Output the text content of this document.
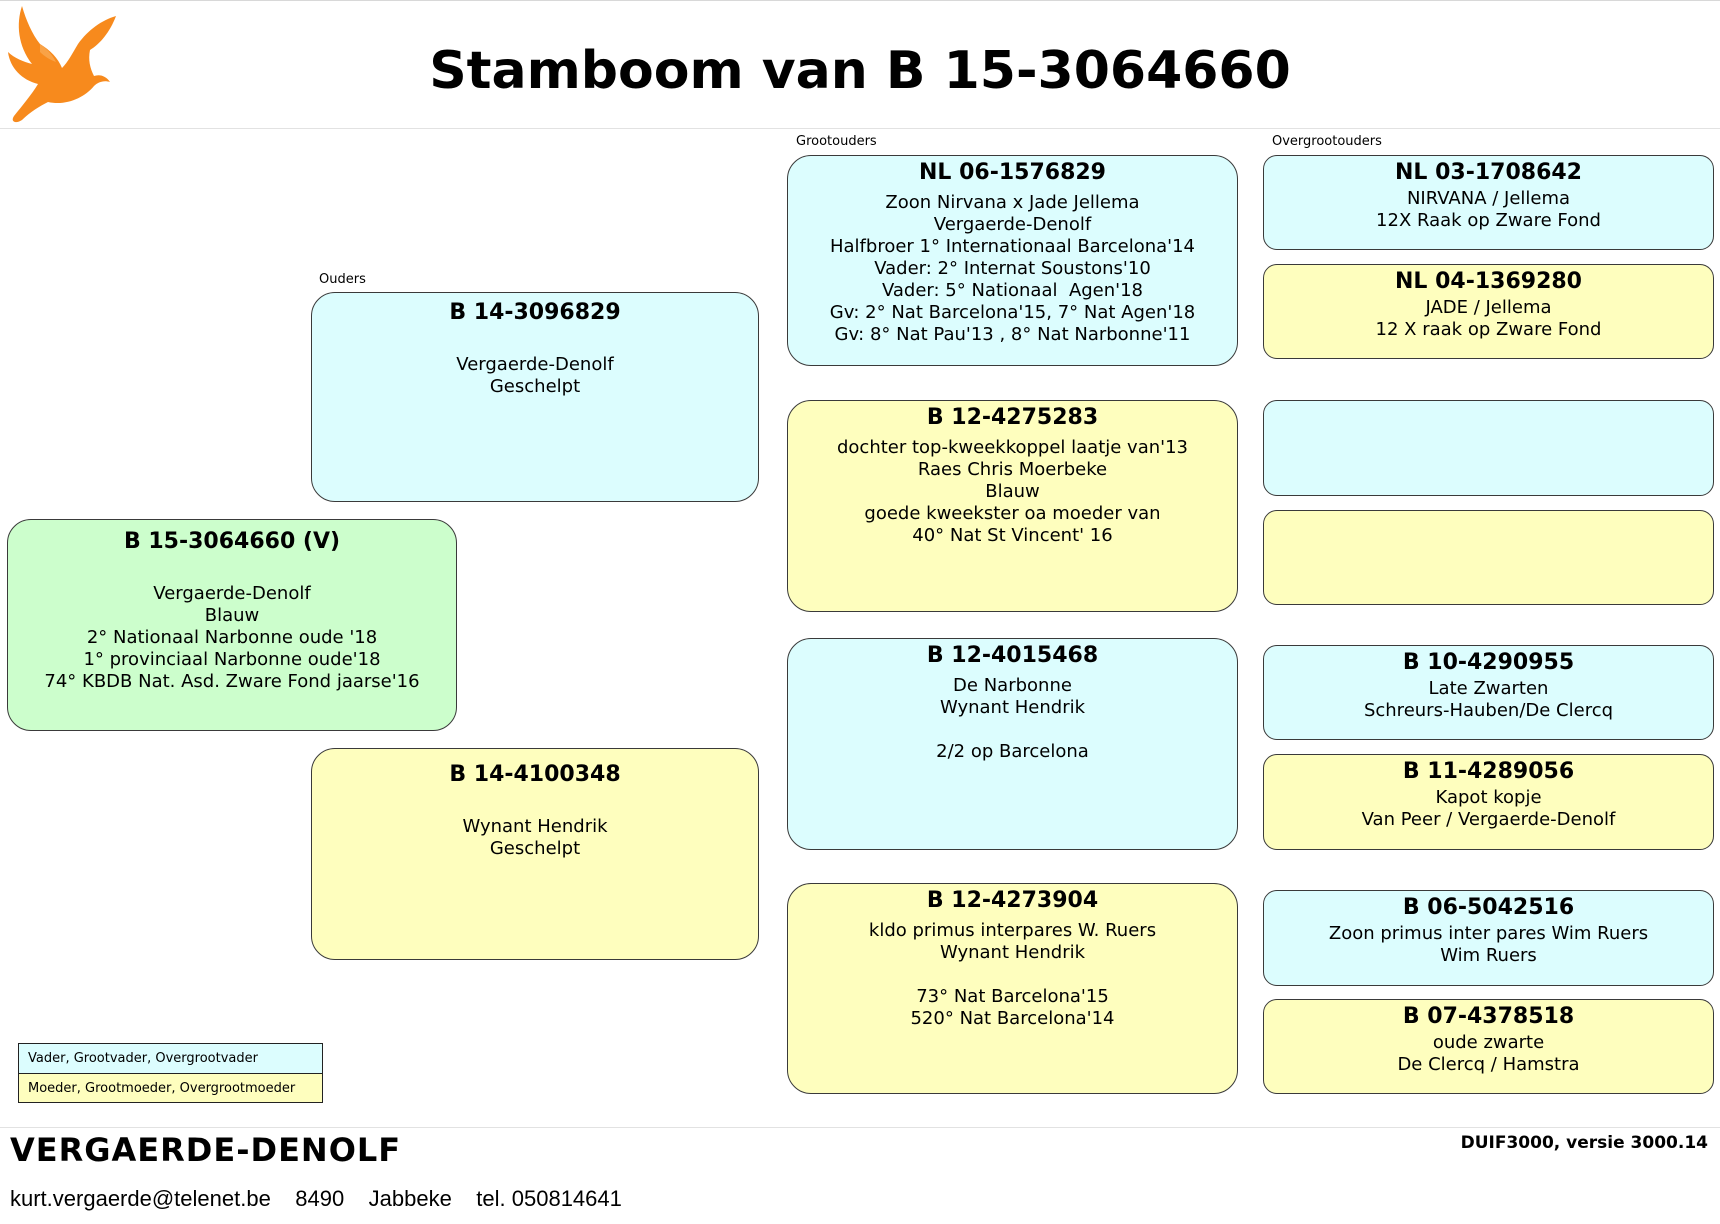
Stamboom van B 15-3064660
Grootouders	Overgrootouders
Ouders
B 15-3064660 (V)
Vergaerde-Denolf
Blauw
2° Nationaal Narbonne oude '18
1° provinciaal Narbonne oude'18
74° KBDB Nat. Asd. Zware Fond jaarse'16
B 14-3096829
Vergaerde-Denolf
Geschelpt
B 14-4100348
Wynant Hendrik
Geschelpt
NL 06-1576829
Zoon Nirvana x Jade Jellema
Vergaerde-Denolf
Halfbroer 1° Internationaal Barcelona'14
Vader: 2° Internat Soustons'10
Vader: 5° Nationaal  Agen'18
Gv: 2° Nat Barcelona'15, 7° Nat Agen'18
Gv: 8° Nat Pau'13 , 8° Nat Narbonne'11
B 12-4275283
dochter top-kweekkoppel laatje van'13
Raes Chris Moerbeke
Blauw
goede kweekster oa moeder van
40° Nat St Vincent' 16
B 12-4015468
De Narbonne
Wynant Hendrik
2/2 op Barcelona
B 12-4273904
kldo primus interpares W. Ruers
Wynant Hendrik
73° Nat Barcelona'15
520° Nat Barcelona'14
NL 03-1708642
NIRVANA / Jellema
12X Raak op Zware Fond
NL 04-1369280
JADE / Jellema
12 X raak op Zware Fond
B 10-4290955
Late Zwarten
Schreurs-Hauben/De Clercq
B 11-4289056
Kapot kopje
Van Peer / Vergaerde-Denolf
B 06-5042516
Zoon primus inter pares Wim Ruers
Wim Ruers
B 07-4378518
oude zwarte
De Clercq / Hamstra
Vader, Grootvader, Overgrootvader
Moeder, Grootmoeder, Overgrootmoeder
VERGAERDE-DENOLF	DUIF3000, versie 3000.14
kurt.vergaerde@telenet.be    8490    Jabbeke    tel. 050814641
